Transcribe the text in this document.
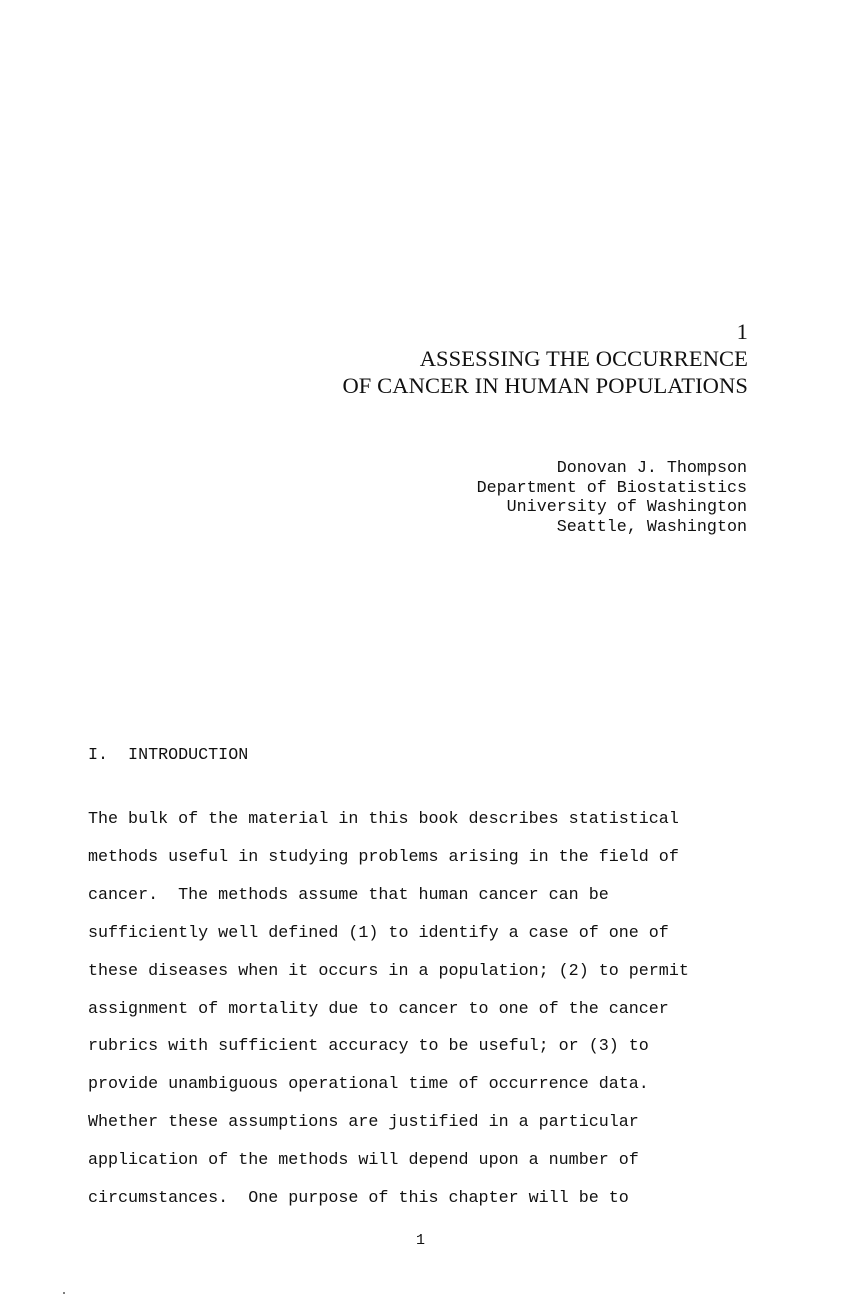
1
ASSESSING THE OCCURRENCE
OF CANCER IN HUMAN POPULATIONS
Donovan J. Thompson
Department of Biostatistics
University of Washington
Seattle, Washington
I.  INTRODUCTION
The bulk of the material in this book describes statistical
methods useful in studying problems arising in the field of
cancer.  The methods assume that human cancer can be
sufficiently well defined (1) to identify a case of one of
these diseases when it occurs in a population; (2) to permit
assignment of mortality due to cancer to one of the cancer
rubrics with sufficient accuracy to be useful; or (3) to
provide unambiguous operational time of occurrence data.
Whether these assumptions are justified in a particular
application of the methods will depend upon a number of
circumstances.  One purpose of this chapter will be to
1
